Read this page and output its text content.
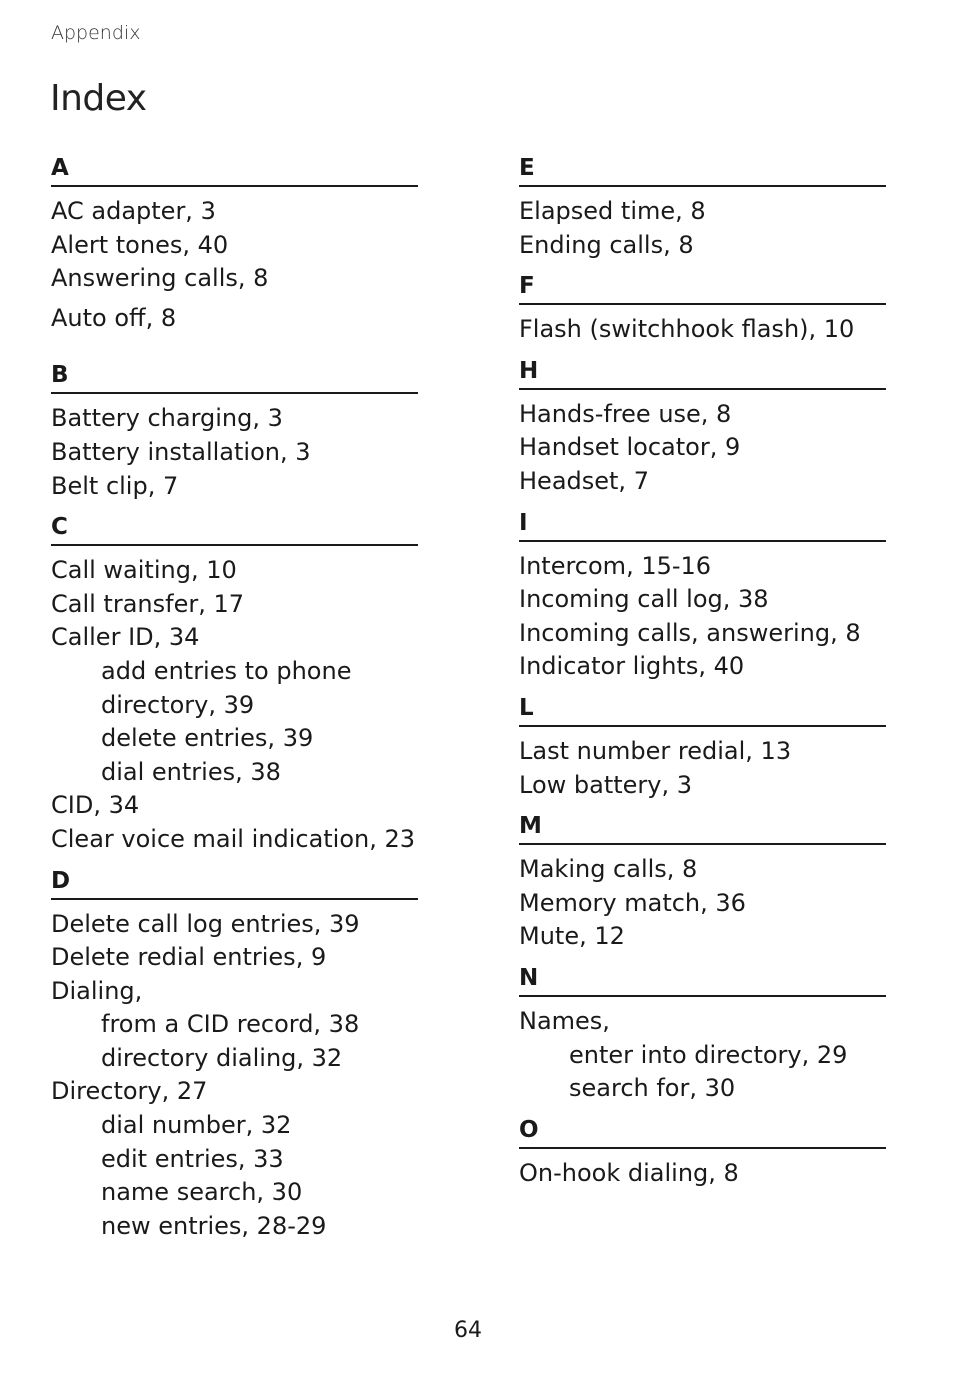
Appendix
Index
A
AC adapter, 3
Alert tones, 40
Answering calls, 8
Auto off, 8
B
Battery charging, 3
Battery installation, 3
Belt clip, 7
C
Call waiting, 10
Call transfer, 17
Caller ID, 34
add entries to phone
directory, 39
delete entries, 39
dial entries, 38
CID, 34
Clear voice mail indication, 23
D
Delete call log entries, 39
Delete redial entries, 9
Dialing,
from a CID record, 38
directory dialing, 32
Directory, 27
dial number, 32
edit entries, 33
name search, 30
new entries, 28-29
E
Elapsed time, 8
Ending calls, 8
F
Flash (switchhook flash), 10
H
Hands-free use, 8
Handset locator, 9
Headset, 7
I
Intercom, 15-16
Incoming call log, 38
Incoming calls, answering, 8
Indicator lights, 40
L
Last number redial, 13
Low battery, 3
M
Making calls, 8
Memory match, 36
Mute, 12
N
Names,
enter into directory, 29
search for, 30
O
On-hook dialing, 8
64
